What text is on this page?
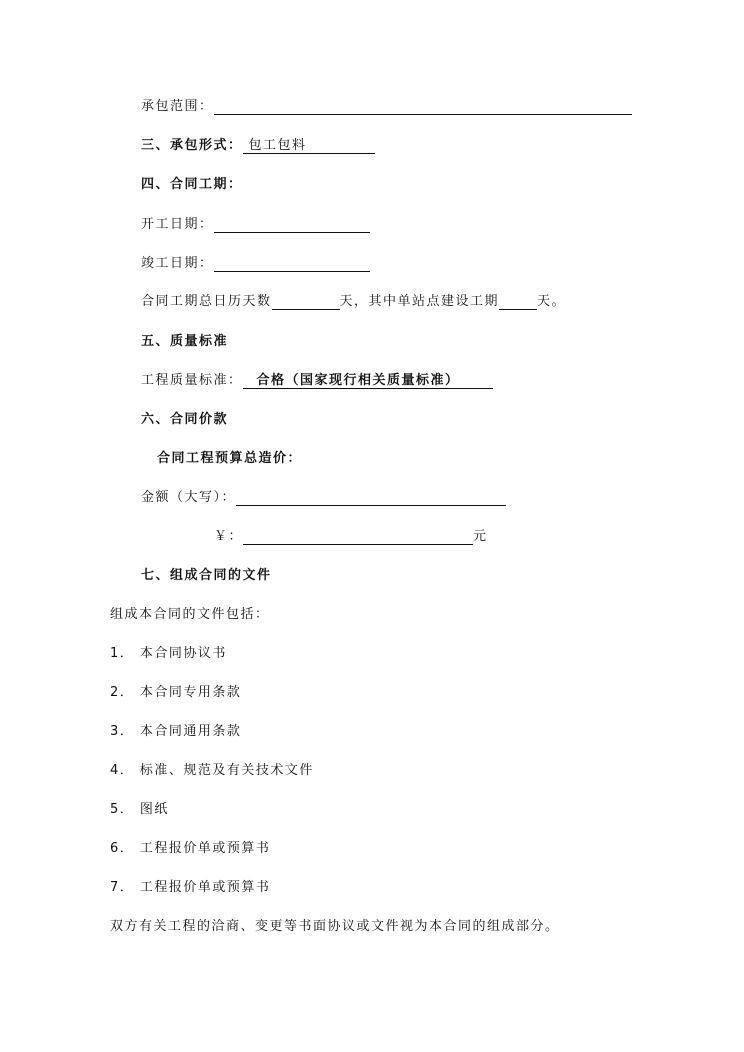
承包范围：
三、承包形式： 包工包料
四、合同工期：
开工日期：
竣工日期：
合同工期总日历天数	天，其中单站点建设工期	天。
五、质量标准
工程质量标准： 合格（国家现行相关质量标准）
六、合同价款
合同工程预算总造价：
金额（大写）：
￥：	元
七、组成合同的文件
组成本合同的文件包括：
1． 本合同协议书
2． 本合同专用条款
3． 本合同通用条款
4． 标准、规范及有关技术文件
5． 图纸
6． 工程报价单或预算书
7． 工程报价单或预算书
双方有关工程的洽商、变更等书面协议或文件视为本合同的组成部分。
